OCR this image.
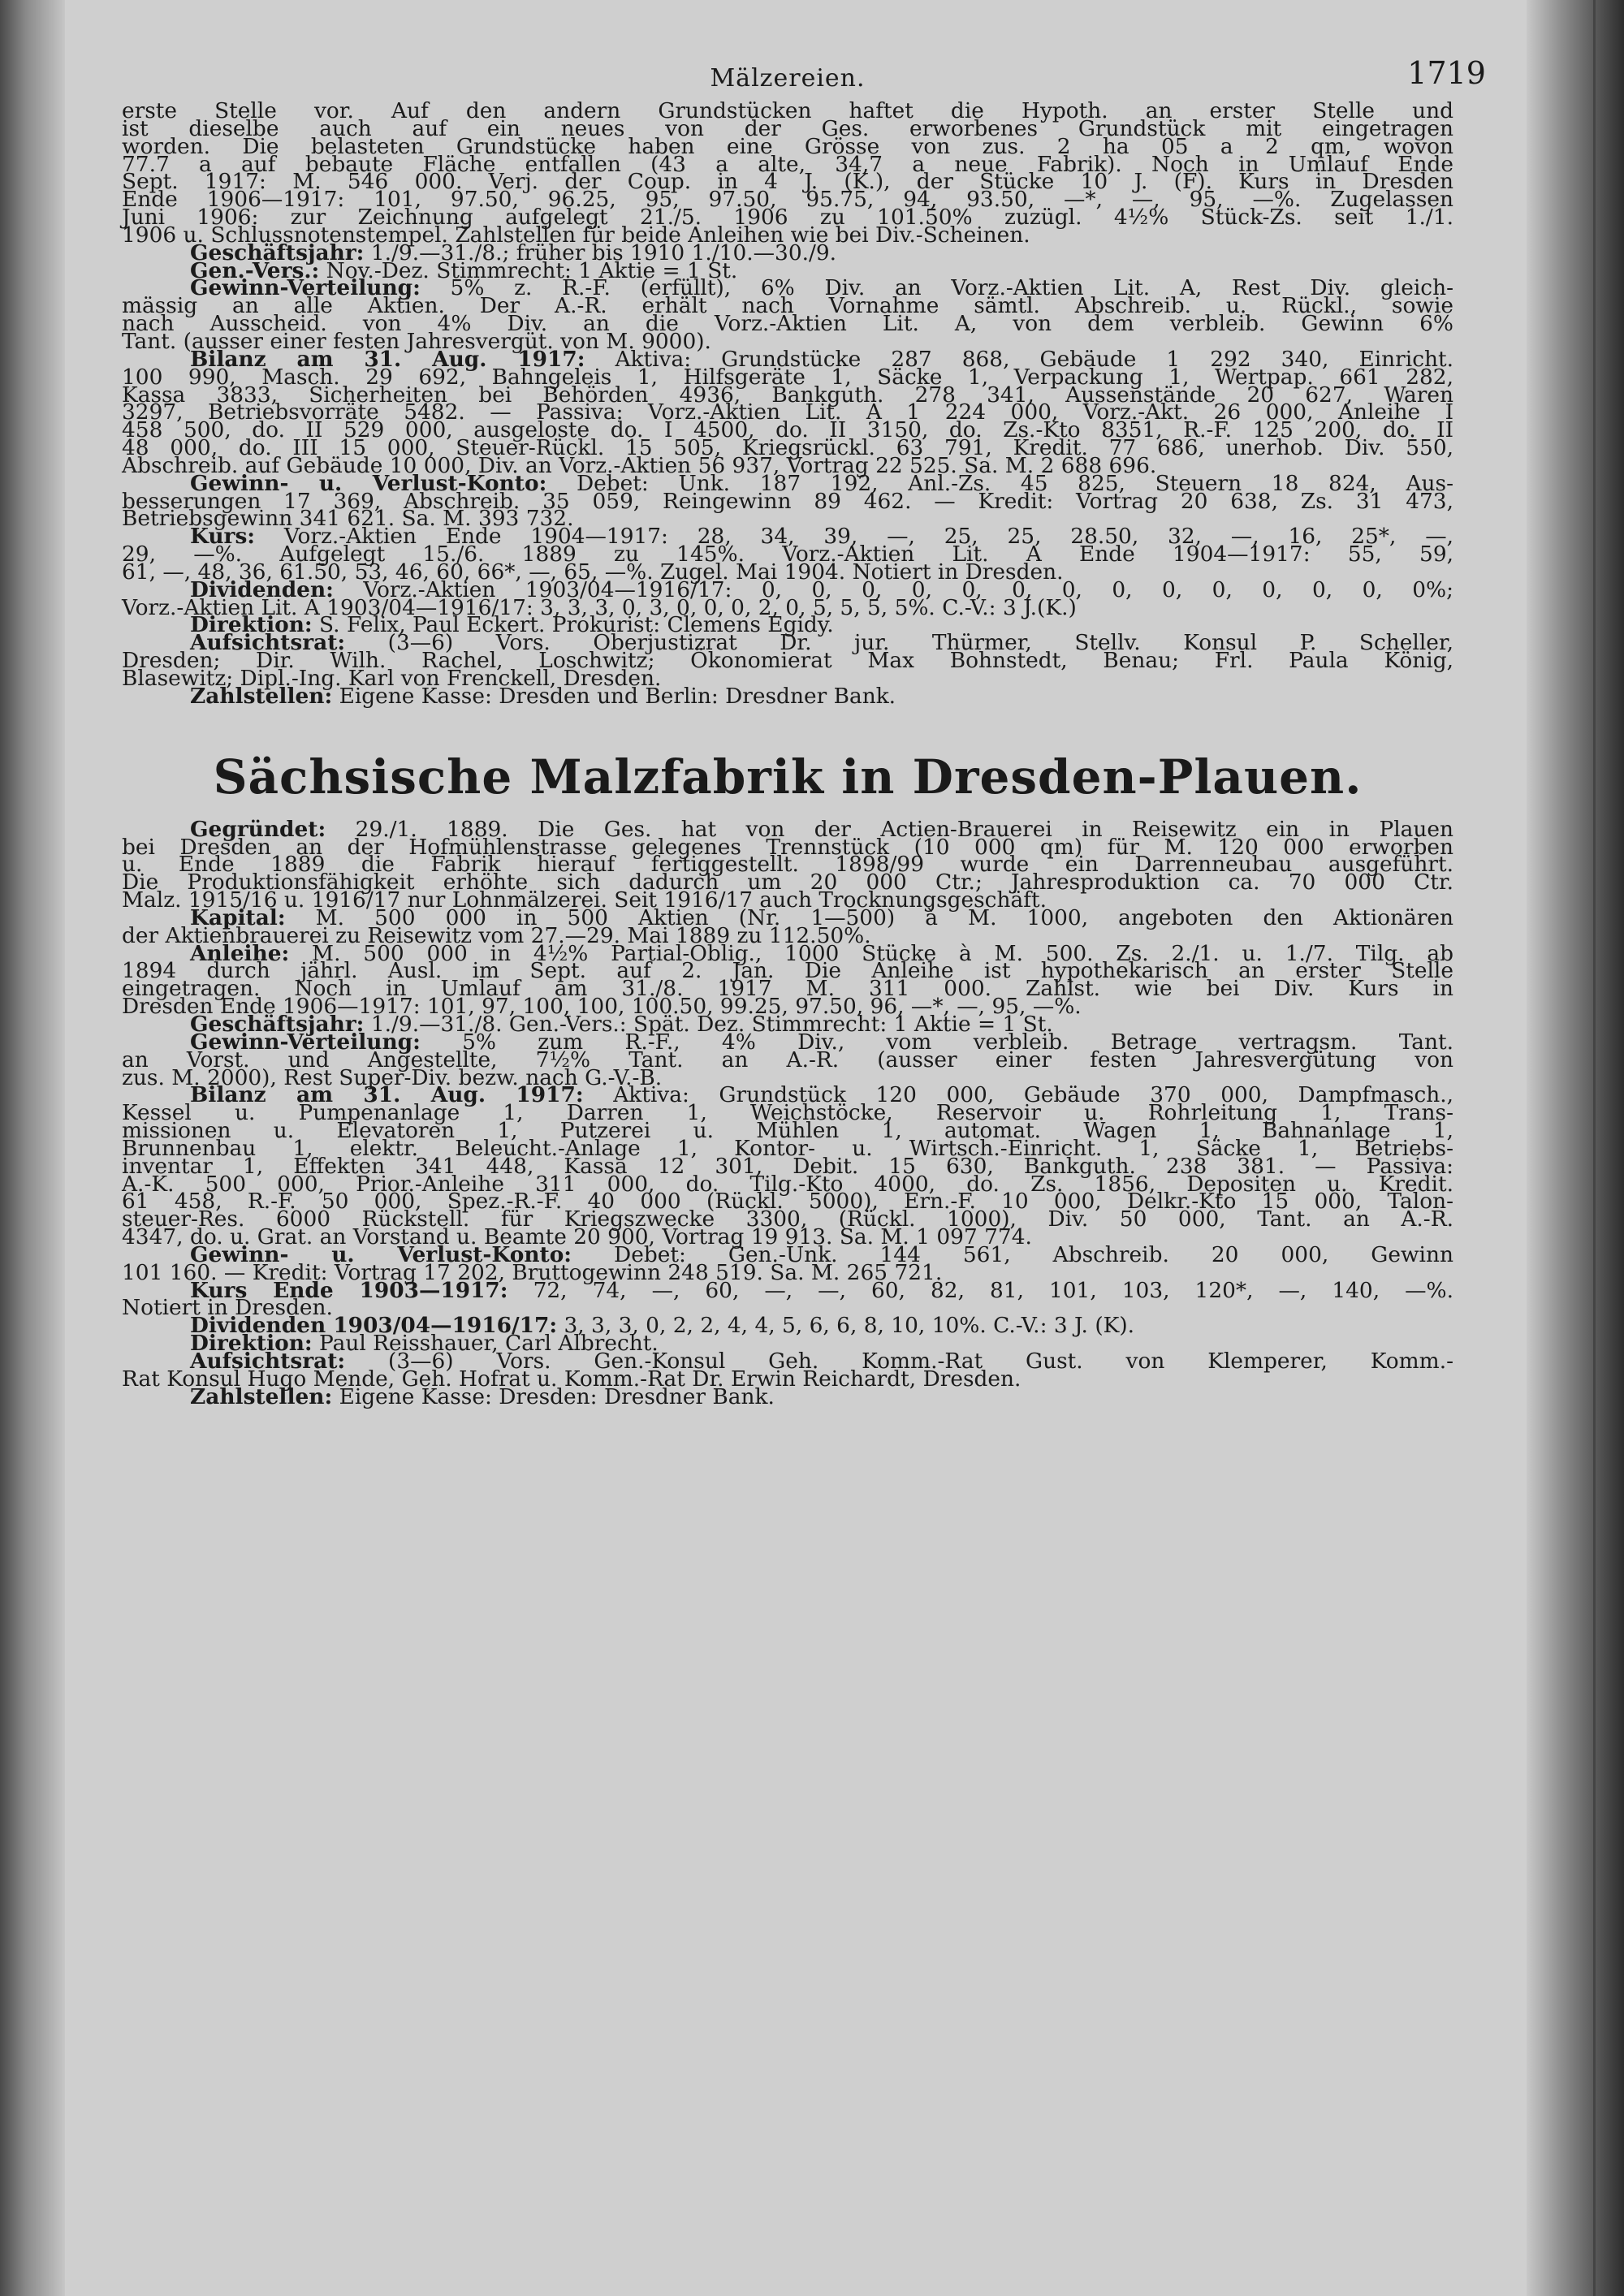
Mälzereien.	1719
erste Stelle vor. Auf den andern Grundstücken haftet die Hypoth. an erster Stelle und
ist dieselbe auch auf ein neues von der Ges. erworbenes Grundstück mit eingetragen
worden. Die belasteten Grundstücke haben eine Grösse von zus. 2 ha 05 a 2 qm, wovon
77.7 a auf bebaute Fläche entfallen (43 a alte, 34,7 a neue Fabrik). Noch in Umlauf Ende
Sept. 1917: M. 546 000. Verj. der Coup. in 4 J. (K.), der Stücke 10 J. (F). Kurs in Dresden
Ende 1906—1917: 101, 97.50, 96.25, 95, 97.50, 95.75, 94, 93.50, —*, —, 95, —%. Zugelassen
Juni 1906: zur Zeichnung aufgelegt 21./5. 1906 zu 101.50% zuzügl. 4½% Stück-Zs. seit 1./1.
1906 u. Schlussnotenstempel. Zahlstellen für beide Anleihen wie bei Div.-Scheinen.
Geschäftsjahr: 1./9.—31./8.; früher bis 1910 1./10.—30./9.
Gen.-Vers.: Nov.-Dez. Stimmrecht: 1 Aktie = 1 St.
Gewinn-Verteilung: 5% z. R.-F. (erfüllt), 6% Div. an Vorz.-Aktien Lit. A, Rest Div. gleich-
mässig an alle Aktien. Der A.-R. erhält nach Vornahme sämtl. Abschreib. u. Rückl., sowie
nach Ausscheid. von 4% Div. an die Vorz.-Aktien Lit. A, von dem verbleib. Gewinn 6%
Tant. (ausser einer festen Jahresvergüt. von M. 9000).
Bilanz am 31. Aug. 1917: Aktiva: Grundstücke 287 868, Gebäude 1 292 340, Einricht.
100 990, Masch. 29 692, Bahngeleis 1, Hilfsgeräte 1, Säcke 1, Verpackung 1, Wertpap. 661 282,
Kassa 3833, Sicherheiten bei Behörden 4936, Bankguth. 278 341, Aussenstände 20 627, Waren
3297, Betriebsvorräte 5482. — Passiva: Vorz.-Aktien Lit. A 1 224 000, Vorz.-Akt. 26 000, Anleihe I
458 500, do. II 529 000, ausgeloste do. I 4500, do. II 3150, do. Zs.-Kto 8351, R.-F. 125 200, do. II
48 000, do. III 15 000, Steuer-Rückl. 15 505, Kriegsrückl. 63 791, Kredit. 77 686, unerhob. Div. 550,
Abschreib. auf Gebäude 10 000, Div. an Vorz.-Aktien 56 937, Vortrag 22 525. Sa. M. 2 688 696.
Gewinn- u. Verlust-Konto: Debet: Unk. 187 192, Anl.-Zs. 45 825, Steuern 18 824, Aus-
besserungen 17 369, Abschreib. 35 059, Reingewinn 89 462. — Kredit: Vortrag 20 638, Zs. 31 473,
Betriebsgewinn 341 621. Sa. M. 393 732.
Kurs: Vorz.-Aktien Ende 1904—1917: 28, 34, 39, —, 25, 25, 28.50, 32, —, 16, 25*, —,
29, —%. Aufgelegt 15./6. 1889 zu 145%. Vorz.-Aktien Lit. A Ende 1904—1917: 55, 59,
61, —, 48, 36, 61.50, 53, 46, 60, 66*, —, 65, —%. Zugel. Mai 1904. Notiert in Dresden.
Dividenden: Vorz.-Aktien 1903/04—1916/17: 0, 0, 0, 0, 0, 0, 0, 0, 0, 0, 0, 0, 0, 0%;
Vorz.-Aktien Lit. A 1903/04—1916/17: 3, 3, 3, 0, 3, 0, 0, 0, 2, 0, 5, 5, 5, 5%. C.-V.: 3 J.(K.)
Direktion: S. Felix, Paul Eckert. Prokurist: Clemens Egidy.
Aufsichtsrat: (3—6) Vors. Oberjustizrat Dr. jur. Thürmer, Stellv. Konsul P. Scheller,
Dresden; Dir. Wilh. Rachel, Loschwitz; Ökonomierat Max Bohnstedt, Benau; Frl. Paula König,
Blasewitz; Dipl.-Ing. Karl von Frenckell, Dresden.
Zahlstellen: Eigene Kasse: Dresden und Berlin: Dresdner Bank.
Sächsische Malzfabrik in Dresden-Plauen.
Gegründet: 29./1. 1889. Die Ges. hat von der Actien-Brauerei in Reisewitz ein in Plauen
bei Dresden an der Hofmühlenstrasse gelegenes Trennstück (10 000 qm) für M. 120 000 erworben
u. Ende 1889 die Fabrik hierauf fertiggestellt. 1898/99 wurde ein Darrenneubau ausgeführt.
Die Produktionsfähigkeit erhöhte sich dadurch um 20 000 Ctr.; Jahresproduktion ca. 70 000 Ctr.
Malz. 1915/16 u. 1916/17 nur Lohnmälzerei. Seit 1916/17 auch Trocknungsgeschäft.
Kapital: M. 500 000 in 500 Aktien (Nr. 1—500) à M. 1000, angeboten den Aktionären
der Aktienbrauerei zu Reisewitz vom 27.—29. Mai 1889 zu 112.50%.
Anleihe: M. 500 000 in 4½% Partial-Oblig., 1000 Stücke à M. 500. Zs. 2./1. u. 1./7. Tilg. ab
1894 durch jährl. Ausl. im Sept. auf 2. Jan. Die Anleihe ist hypothekarisch an erster Stelle
eingetragen. Noch in Umlauf am 31./8. 1917 M. 311 000. Zahlst. wie bei Div. Kurs in
Dresden Ende 1906—1917: 101, 97, 100, 100, 100.50, 99.25, 97.50, 96, —*, —, 95, —%.
Geschäftsjahr: 1./9.—31./8. Gen.-Vers.: Spät. Dez. Stimmrecht: 1 Aktie = 1 St.
Gewinn-Verteilung: 5% zum R.-F., 4% Div., vom verbleib. Betrage vertragsm. Tant.
an Vorst. und Angestellte, 7½% Tant. an A.-R. (ausser einer festen Jahresvergütung von
zus. M. 2000), Rest Super-Div. bezw. nach G.-V.-B.
Bilanz am 31. Aug. 1917: Aktiva: Grundstück 120 000, Gebäude 370 000, Dampfmasch.,
Kessel u. Pumpenanlage 1, Darren 1, Weichstöcke, Reservoir u. Rohrleitung 1, Trans-
missionen u. Elevatoren 1, Putzerei u. Mühlen 1, automat. Wagen 1, Bahnanlage 1,
Brunnenbau 1, elektr. Beleucht.-Anlage 1, Kontor- u. Wirtsch.-Einricht. 1, Säcke 1, Betriebs-
inventar 1, Effekten 341 448, Kassa 12 301, Debit. 15 630, Bankguth. 238 381. — Passiva:
A.-K. 500 000, Prior.-Anleihe 311 000, do. Tilg.-Kto 4000, do. Zs. 1856, Depositen u. Kredit.
61 458, R.-F. 50 000, Spez.-R.-F. 40 000 (Rückl. 5000), Ern.-F. 10 000, Delkr.-Kto 15 000, Talon-
steuer-Res. 6000 Rückstell. für Kriegszwecke 3300, (Rückl. 1000), Div. 50 000, Tant. an A.-R.
4347, do. u. Grat. an Vorstand u. Beamte 20 900, Vortrag 19 913. Sa. M. 1 097 774.
Gewinn- u. Verlust-Konto: Debet: Gen.-Unk. 144 561, Abschreib. 20 000, Gewinn
101 160. — Kredit: Vortrag 17 202, Bruttogewinn 248 519. Sa. M. 265 721.
Kurs Ende 1903—1917: 72, 74, —, 60, —, —, 60, 82, 81, 101, 103, 120*, —, 140, —%.
Notiert in Dresden.
Dividenden 1903/04—1916/17: 3, 3, 3, 0, 2, 2, 4, 4, 5, 6, 6, 8, 10, 10%. C.-V.: 3 J. (K).
Direktion: Paul Reisshauer, Carl Albrecht.
Aufsichtsrat: (3—6) Vors. Gen.-Konsul Geh. Komm.-Rat Gust. von Klemperer, Komm.-
Rat Konsul Hugo Mende, Geh. Hofrat u. Komm.-Rat Dr. Erwin Reichardt, Dresden.
Zahlstellen: Eigene Kasse: Dresden: Dresdner Bank.
